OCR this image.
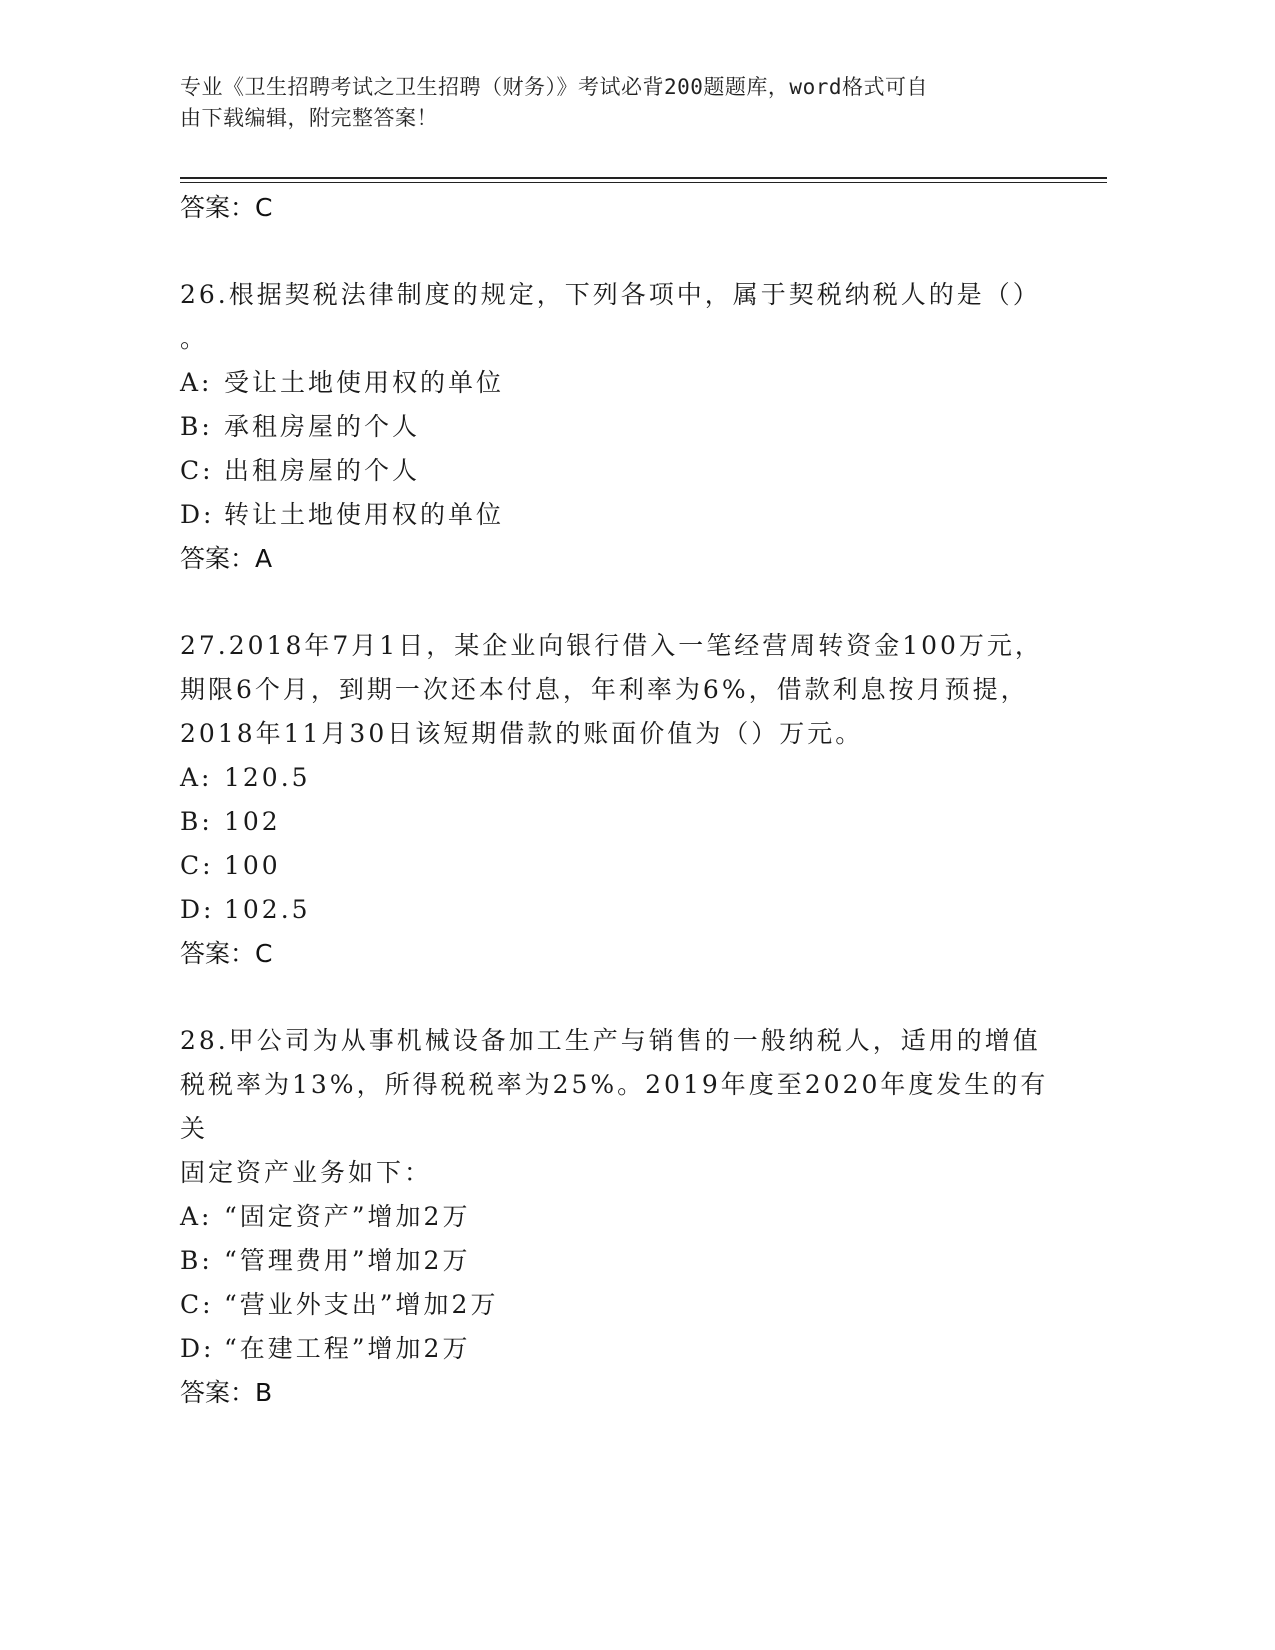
专业《卫生招聘考试之卫生招聘（财务）》考试必背200题题库，word格式可自
由下载编辑，附完整答案！

答案：C

26.根据契税法律制度的规定，下列各项中，属于契税纳税人的是（）

。

A: 受让土地使用权的单位

B: 承租房屋的个人

C: 出租房屋的个人

D: 转让土地使用权的单位

答案：A

27.2018年7月1日，某企业向银行借入一笔经营周转资金100万元，

期限6个月，到期一次还本付息，年利率为6%，借款利息按月预提，

2018年11月30日该短期借款的账面价值为（）万元。

A: 120.5

B: 102

C: 100

D: 102.5

答案：C

28.甲公司为从事机械设备加工生产与销售的一般纳税人，适用的增值

税税率为13%，所得税税率为25%。2019年度至2020年度发生的有关

固定资产业务如下：

A: “固定资产”增加2万

B: “管理费用”增加2万

C: “营业外支出”增加2万

D: “在建工程”增加2万

答案：B
